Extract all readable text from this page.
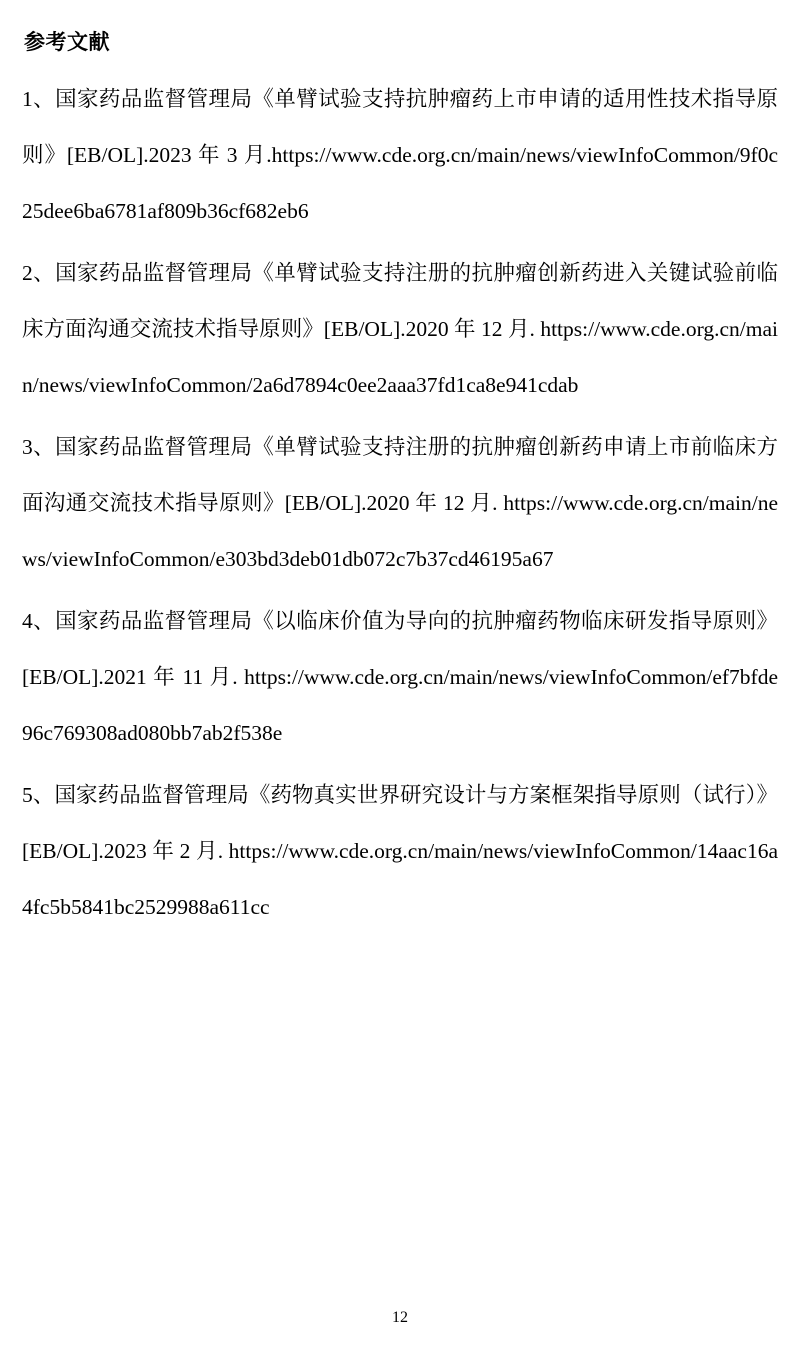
参考文献
1、国家药品监督管理局《单臂试验支持抗肿瘤药上市申请的适用性技术指导原则》[EB/OL].2023 年 3 月.https://www.cde.org.cn/main/news/viewInfoCommon/9f0c25dee6ba6781af809b36cf682eb6
2、国家药品监督管理局《单臂试验支持注册的抗肿瘤创新药进入关键试验前临床方面沟通交流技术指导原则》[EB/OL].2020 年 12 月. https://www.cde.org.cn/main/news/viewInfoCommon/2a6d7894c0ee2aaa37fd1ca8e941cdab
3、国家药品监督管理局《单臂试验支持注册的抗肿瘤创新药申请上市前临床方面沟通交流技术指导原则》[EB/OL].2020 年 12 月. https://www.cde.org.cn/main/news/viewInfoCommon/e303bd3deb01db072c7b37cd46195a67
4、国家药品监督管理局《以临床价值为导向的抗肿瘤药物临床研发指导原则》[EB/OL].2021 年 11 月. https://www.cde.org.cn/main/news/viewInfoCommon/ef7bfde96c769308ad080bb7ab2f538e
5、国家药品监督管理局《药物真实世界研究设计与方案框架指导原则（试行）》[EB/OL].2023 年 2 月. https://www.cde.org.cn/main/news/viewInfoCommon/14aac16a4fc5b5841bc2529988a611cc
12
